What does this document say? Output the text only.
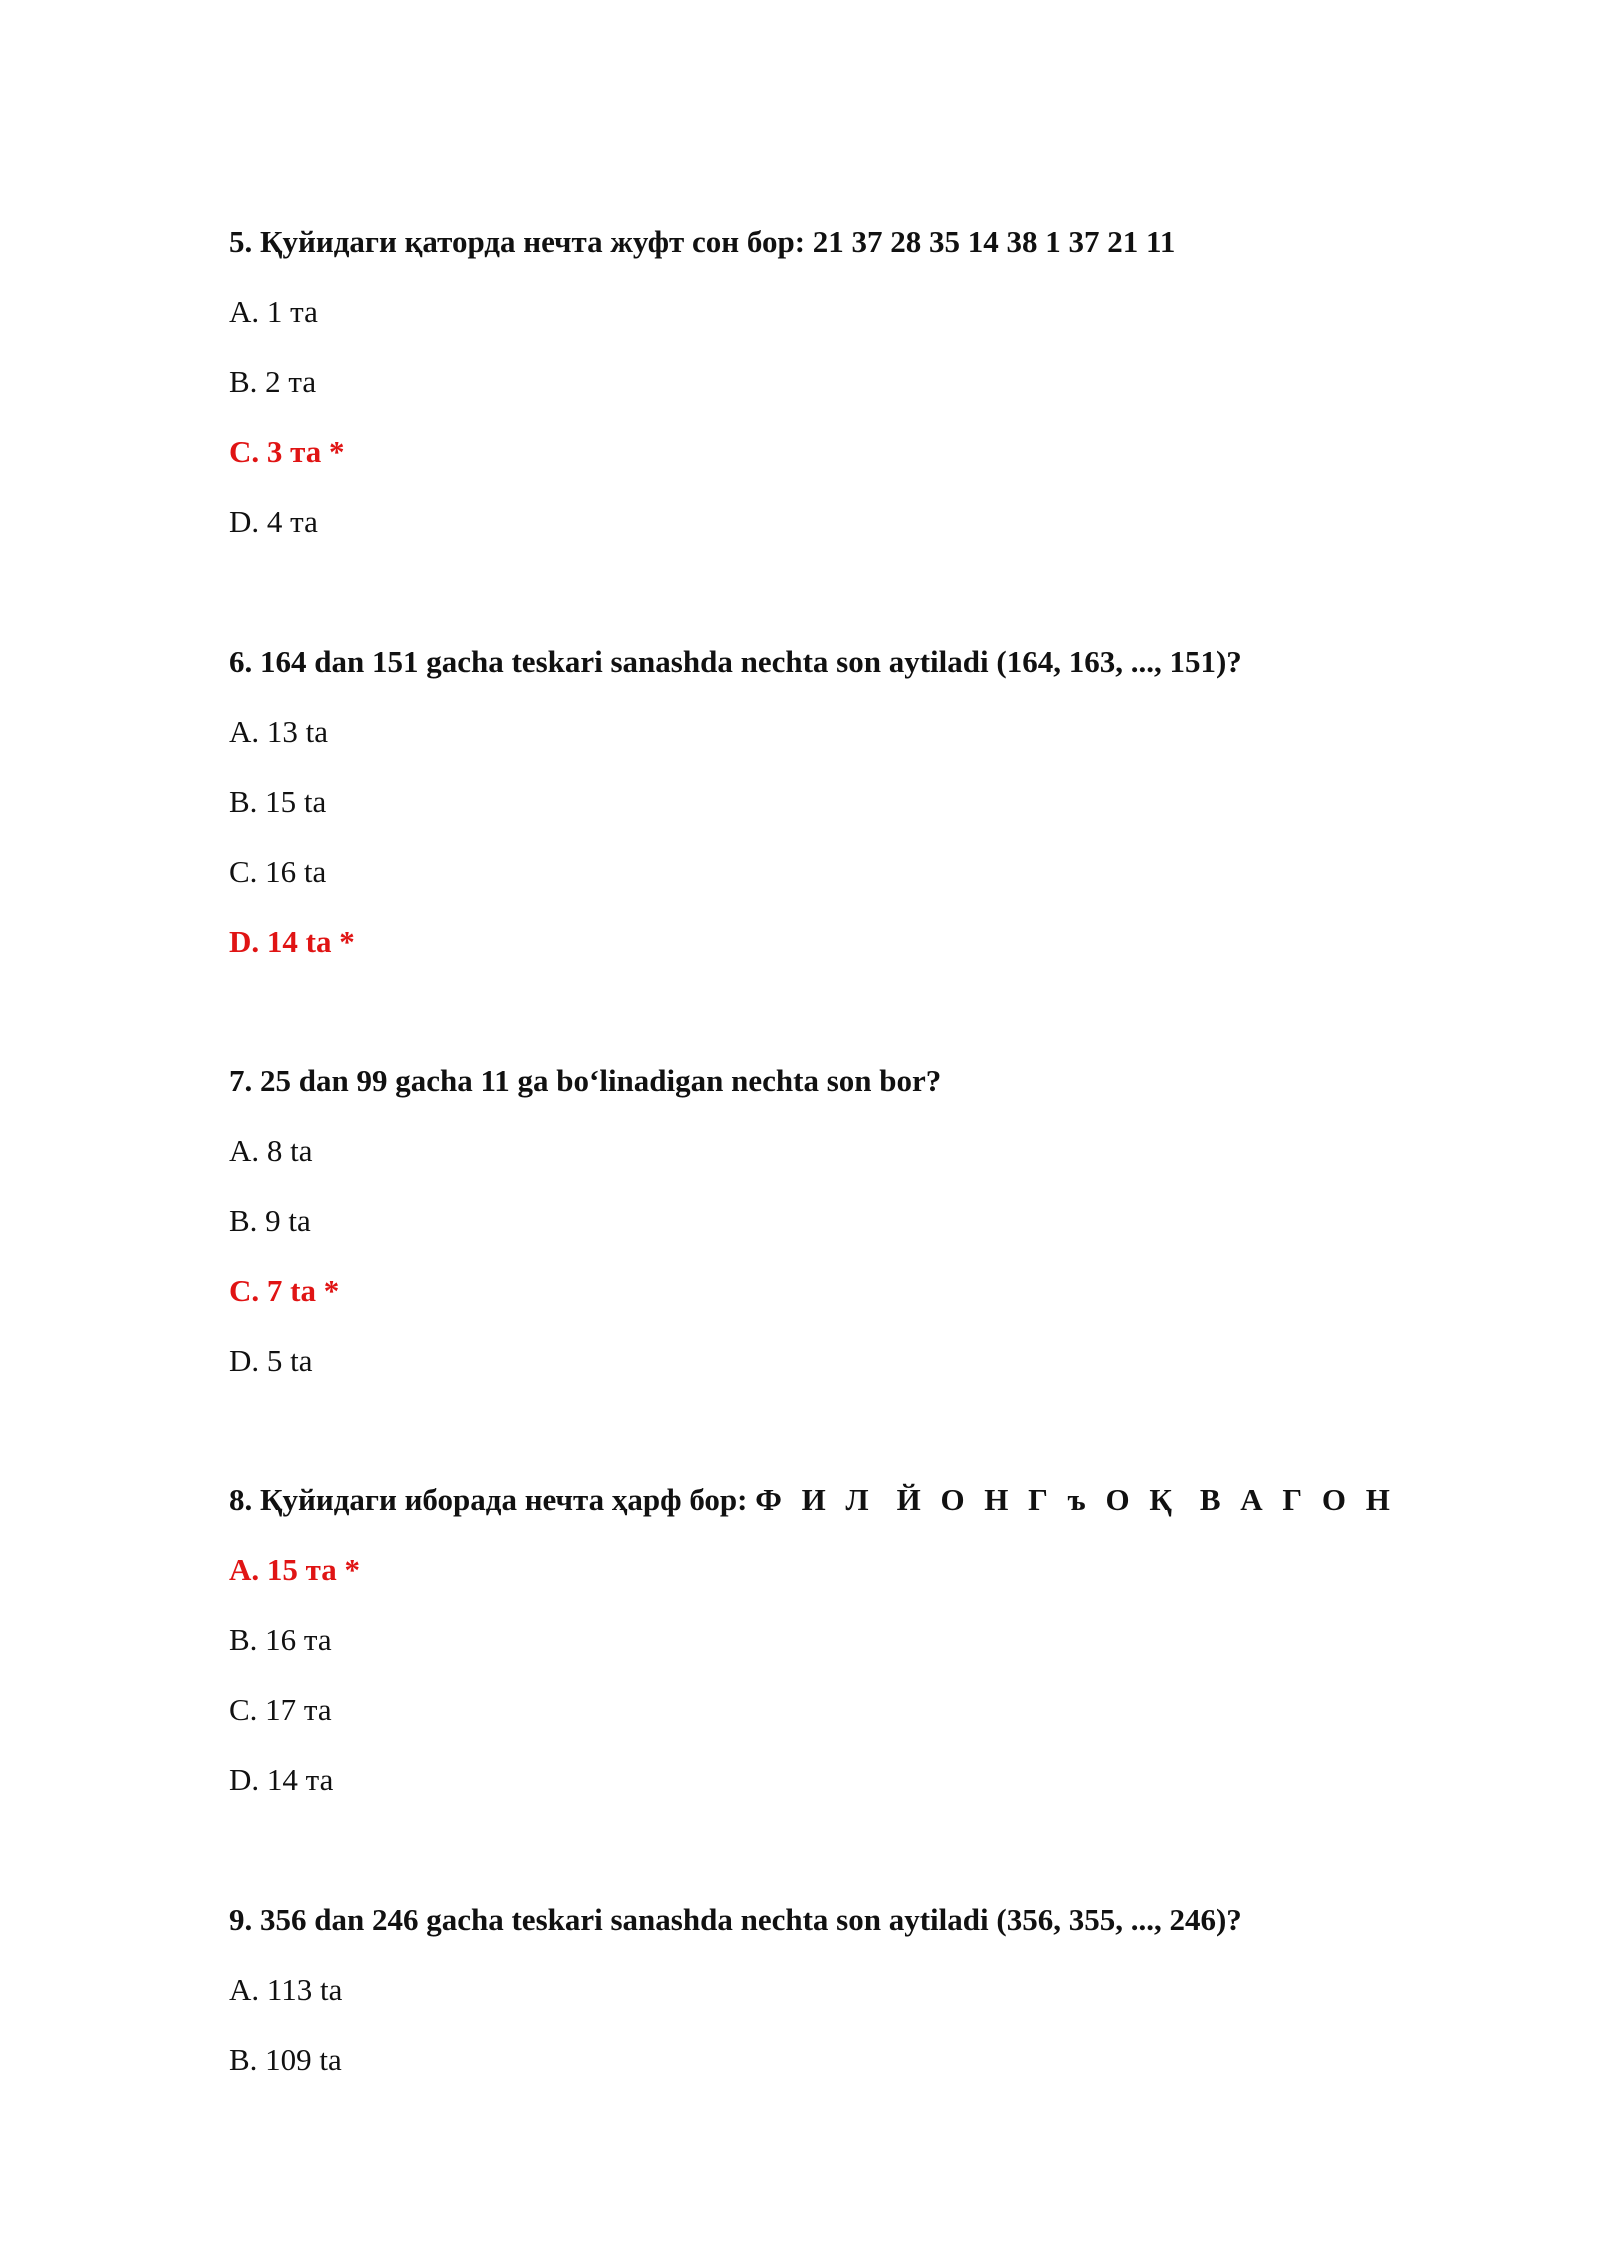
5. Қуйидаги қаторда нечта жуфт сон бор: 21 37 28 35 14 38 1 37 21 11
A. 1 та
B. 2 та
C. 3 та *
D. 4 та
6. 164 dan 151 gacha teskari sanashda nechta son aytiladi (164, 163, ..., 151)?
A. 13 ta
B. 15 ta
C. 16 ta
D. 14 ta *
7. 25 dan 99 gacha 11 ga bo‘linadigan nechta son bor?
A. 8 ta
B. 9 ta
C. 7 ta *
D. 5 ta
8. Қуйидаги иборада нечта ҳарф бор: Ф И Л Й О Н Г ъ О Қ В А Г О Н
A. 15 та *
B. 16 та
C. 17 та
D. 14 та
9. 356 dan 246 gacha teskari sanashda nechta son aytiladi (356, 355, ..., 246)?
A. 113 ta
B. 109 ta
